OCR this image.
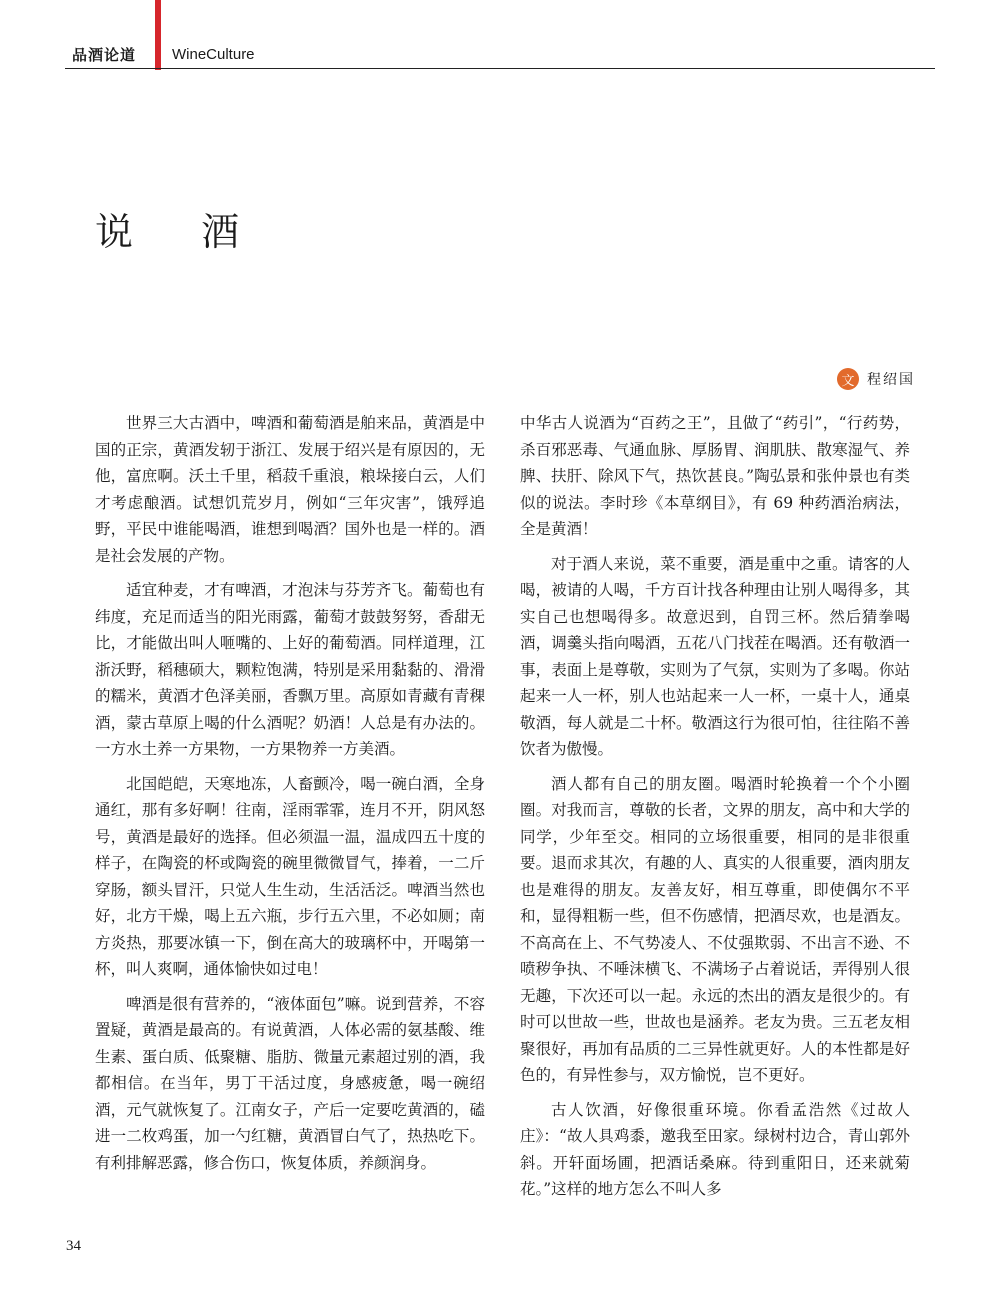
品酒论道 WineCulture
说 酒
文 程绍国

世界三大古酒中，啤酒和葡萄酒是舶来品，黄酒是中国的正宗，黄酒发轫于浙江、发展于绍兴是有原因的，无他，富庶啊。沃土千里，稻菽千重浪，粮垛接白云，人们才考虑酿酒。试想饥荒岁月，例如“三年灾害”，饿殍追野，平民中谁能喝酒，谁想到喝酒？国外也是一样的。酒是社会发展的产物。

适宜种麦，才有啤酒，才泡沫与芬芳齐飞。葡萄也有纬度，充足而适当的阳光雨露，葡萄才鼓鼓努努，香甜无比，才能做出叫人咂嘴的、上好的葡萄酒。同样道理，江浙沃野，稻穗硕大，颗粒饱满，特别是采用黏黏的、滑滑的糯米，黄酒才色泽美丽，香飘万里。高原如青藏有青稞酒，蒙古草原上喝的什么酒呢？奶酒！人总是有办法的。一方水土养一方果物，一方果物养一方美酒。

北国皑皑，天寒地冻，人畜颤冷，喝一碗白酒，全身通红，那有多好啊！往南，淫雨霏霏，连月不开，阴风怒号，黄酒是最好的选择。但必须温一温，温成四五十度的样子，在陶瓷的杯或陶瓷的碗里微微冒气，捧着，一二斤穿肠，额头冒汗，只觉人生生动，生活活泛。啤酒当然也好，北方干燥，喝上五六瓶，步行五六里，不必如厕；南方炎热，那要冰镇一下，倒在高大的玻璃杯中，开喝第一杯，叫人爽啊，通体愉快如过电！

啤酒是很有营养的，“液体面包”嘛。说到营养，不容置疑，黄酒是最高的。有说黄酒，人体必需的氨基酸、维生素、蛋白质、低聚糖、脂肪、微量元素超过别的酒，我都相信。在当年，男丁干活过度，身感疲惫，喝一碗绍酒，元气就恢复了。江南女子，产后一定要吃黄酒的，磕进一二枚鸡蛋，加一勺红糖，黄酒冒白气了，热热吃下。有利排解恶露，修合伤口，恢复体质，养颜润身。

中华古人说酒为“百药之王”，且做了“药引”，“行药势，杀百邪恶毒、气通血脉、厚肠胃、润肌肤、散寒湿气、养脾、扶肝、除风下气，热饮甚良。”陶弘景和张仲景也有类似的说法。李时珍《本草纲目》，有 69 种药酒治病法，全是黄酒！

对于酒人来说，菜不重要，酒是重中之重。请客的人喝，被请的人喝，千方百计找各种理由让别人喝得多，其实自己也想喝得多。故意迟到，自罚三杯。然后猜拳喝酒，调羹头指向喝酒，五花八门找茬在喝酒。还有敬酒一事，表面上是尊敬，实则为了气氛，实则为了多喝。你站起来一人一杯，别人也站起来一人一杯，一桌十人，通桌敬酒，每人就是二十杯。敬酒这行为很可怕，往往陷不善饮者为傲慢。

酒人都有自己的朋友圈。喝酒时轮换着一个个小圈圈。对我而言，尊敬的长者，文界的朋友，高中和大学的同学，少年至交。相同的立场很重要，相同的是非很重要。退而求其次，有趣的人、真实的人很重要，酒肉朋友也是难得的朋友。友善友好，相互尊重，即使偶尔不平和，显得粗粝一些，但不伤感情，把酒尽欢，也是酒友。不高高在上、不气势凌人、不仗强欺弱、不出言不逊、不喷秽争执、不唾沫横飞、不满场子占着说话，弄得别人很无趣，下次还可以一起。永远的杰出的酒友是很少的。有时可以世故一些，世故也是涵养。老友为贵。三五老友相聚很好，再加有品质的二三异性就更好。人的本性都是好色的，有异性参与，双方愉悦，岂不更好。

古人饮酒，好像很重环境。你看孟浩然《过故人庄》：“故人具鸡黍，邀我至田家。绿树村边合，青山郭外斜。开轩面场圃，把酒话桑麻。待到重阳日，还来就菊花。”这样的地方怎么不叫人多

34
